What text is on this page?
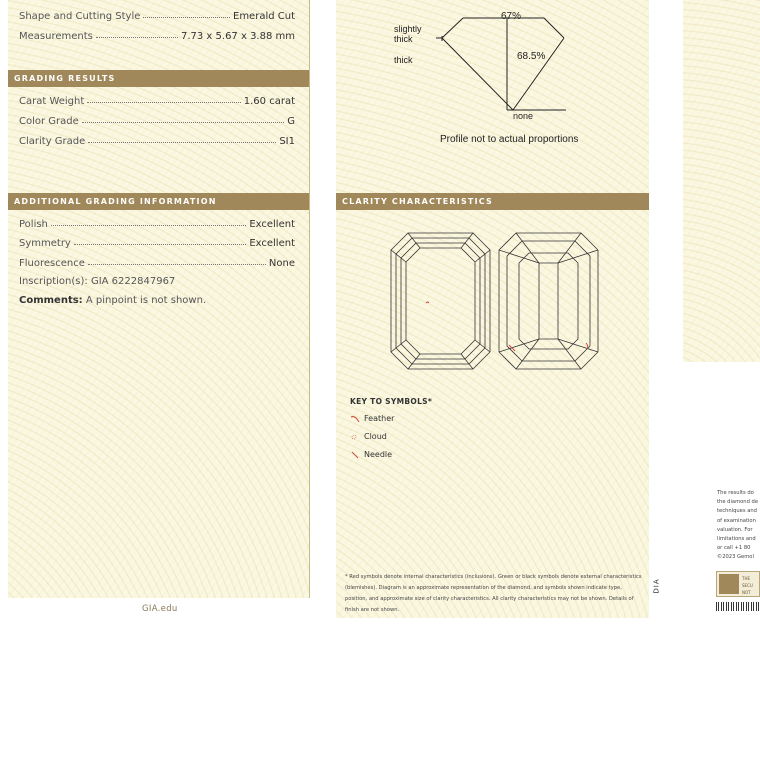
Shape and Cutting Style	Emerald Cut
Measurements	7.73 x 5.67 x 3.88 mm
GRADING RESULTS
Carat Weight	1.60 carat
Color Grade	G
Clarity Grade	SI1
ADDITIONAL GRADING INFORMATION
Polish	Excellent
Symmetry	Excellent
Fluorescence	None
Inscription(s): GIA 6222847967
Comments: A pinpoint is not shown.
GIA.edu
67%
68.5%
slightly
thick
thick
none
Profile not to actual proportions
CLARITY CHARACTERISTICS
KEY TO SYMBOLS*
Feather
Cloud
Needle
* Red symbols denote internal characteristics (inclusions). Green or black symbols denote external characteristics (blemishes). Diagram is an approximate representation of the diamond, and symbols shown indicate type, position, and approximate size of clarity characteristics. All clarity characteristics may not be shown. Details of finish are not shown.
DIA
The results do
the diamond de
techniques and
of examination
valuation. For
limitations and
or call +1 80
©2023 Gemol
THE
SECU
NOT
